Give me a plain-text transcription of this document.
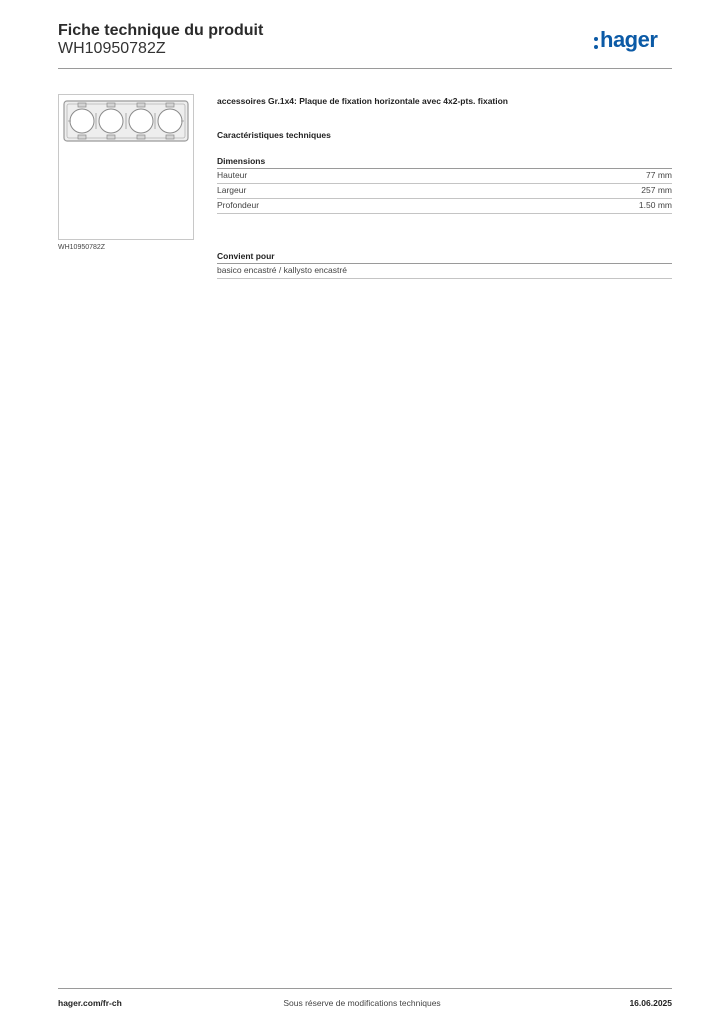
Fiche technique du produit
WH10950782Z	hager
WH10950782Z
accessoires Gr.1x4: Plaque de fixation horizontale avec 4x2-pts. fixation
Caractéristiques techniques
Dimensions
Hauteur	77 mm
Largeur	257 mm
Profondeur	1.50 mm
Convient pour
basico encastré / kallysto encastré
hager.com/fr-ch	Sous réserve de modifications techniques	16.06.2025
